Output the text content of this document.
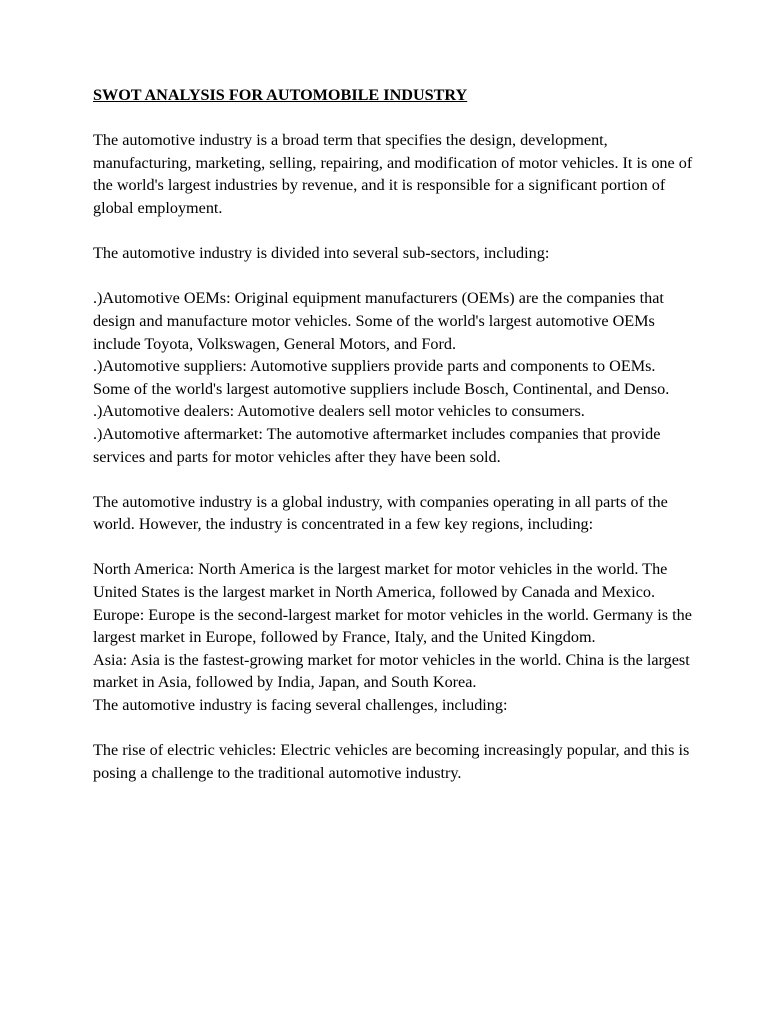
SWOT ANALYSIS FOR AUTOMOBILE INDUSTRY

The automotive industry is a broad term that specifies the design, development, manufacturing, marketing, selling, repairing, and modification of motor vehicles. It is one of the world's largest industries by revenue, and it is responsible for a significant portion of global employment.

The automotive industry is divided into several sub-sectors, including:

.)Automotive OEMs: Original equipment manufacturers (OEMs) are the companies that design and manufacture motor vehicles. Some of the world's largest automotive OEMs include Toyota, Volkswagen, General Motors, and Ford.

.)Automotive suppliers: Automotive suppliers provide parts and components to OEMs. Some of the world's largest automotive suppliers include Bosch, Continental, and Denso.

.)Automotive dealers: Automotive dealers sell motor vehicles to consumers.

.)Automotive aftermarket: The automotive aftermarket includes companies that provide services and parts for motor vehicles after they have been sold.

The automotive industry is a global industry, with companies operating in all parts of the world. However, the industry is concentrated in a few key regions, including:

North America: North America is the largest market for motor vehicles in the world. The United States is the largest market in North America, followed by Canada and Mexico.

Europe: Europe is the second-largest market for motor vehicles in the world. Germany is the largest market in Europe, followed by France, Italy, and the United Kingdom.

Asia: Asia is the fastest-growing market for motor vehicles in the world. China is the largest market in Asia, followed by India, Japan, and South Korea.

The automotive industry is facing several challenges, including:

The rise of electric vehicles: Electric vehicles are becoming increasingly popular, and this is posing a challenge to the traditional automotive industry.
